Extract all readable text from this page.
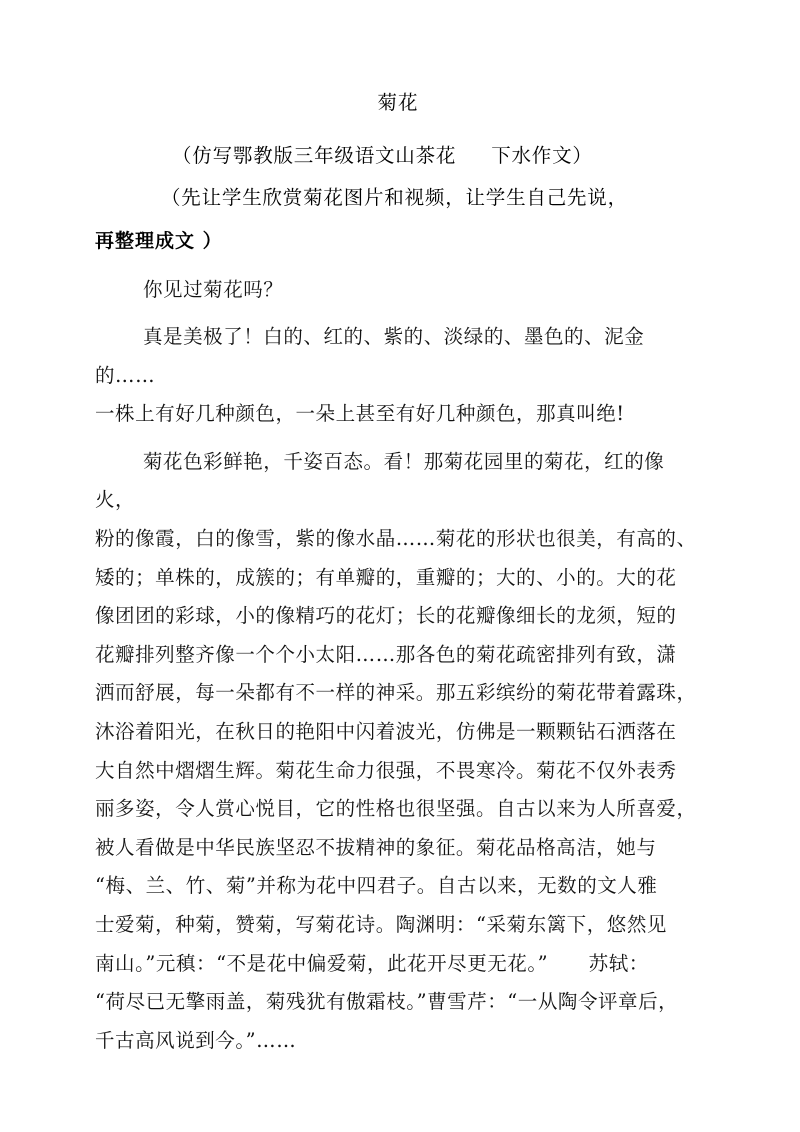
菊花
（仿写鄂教版三年级语文山茶花     下水作文）
（先让学生欣赏菊花图片和视频，让学生自己先说，
再整理成文 ）
你见过菊花吗？
真是美极了！白的、红的、紫的、淡绿的、墨色的、泥金的……
一株上有好几种颜色，一朵上甚至有好几种颜色，那真叫绝!
菊花色彩鲜艳，千姿百态。看！那菊花园里的菊花，红的像火，
粉的像霞，白的像雪，紫的像水晶……菊花的形状也很美，有高的、
矮的；单株的，成簇的；有单瓣的，重瓣的；大的、小的。大的花
像团团的彩球，小的像精巧的花灯；长的花瓣像细长的龙须，短的
花瓣排列整齐像一个个小太阳……那各色的菊花疏密排列有致，潇
洒而舒展，每一朵都有不一样的神采。那五彩缤纷的菊花带着露珠，
沐浴着阳光，在秋日的艳阳中闪着波光，仿佛是一颗颗钻石洒落在
大自然中熠熠生辉。菊花生命力很强，不畏寒冷。菊花不仅外表秀
丽多姿，令人赏心悦目，它的性格也很坚强。自古以来为人所喜爱，
被人看做是中华民族坚忍不拔精神的象征。菊花品格高洁，她与
“梅、兰、竹、菊”并称为花中四君子。自古以来，无数的文人雅
士爱菊，种菊，赞菊，写菊花诗。陶渊明：“采菊东篱下，悠然见
南山。”元稹：“不是花中偏爱菊，此花开尽更无花。”      苏轼：
“荷尽已无擎雨盖，菊残犹有傲霜枝。”曹雪芹：“一从陶令评章后，
千古高风说到今。”……
